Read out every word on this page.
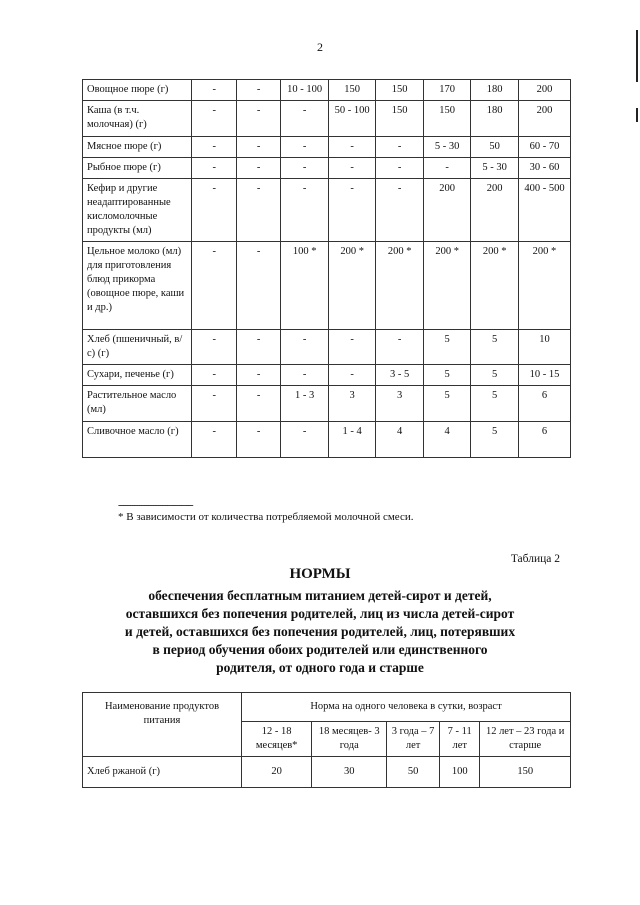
2
Овощное пюре (г)	-	-	10 - 100	150	150	170	180	200
Каша (в т.ч. молочная) (г)	-	-	-	50 - 100	150	150	180	200
Мясное пюре (г)	-	-	-	-	-	5 - 30	50	60 - 70
Рыбное пюре (г)	-	-	-	-	-	-	5 - 30	30 - 60
Кефир и другие неадаптированные кисломолочные продукты (мл)	-	-	-	-	-	200	200	400 - 500
Цельное молоко (мл) для приготовления блюд прикорма (овощное пюре, каши и др.)	-	-	100 *	200 *	200 *	200 *	200 *	200 *
Хлеб (пшеничный, в/с) (г)	-	-	-	-	-	5	5	10
Сухари, печенье (г)	-	-	-	-	3 - 5	5	5	10 - 15
Растительное масло (мл)	-	-	1 - 3	3	3	5	5	6
Сливочное масло (г)	-	-	-	1 - 4	4	4	5	6
--------------------------------
* В зависимости от количества потребляемой молочной смеси.
Таблица 2
НОРМЫ
обеспечения бесплатным питанием детей-сирот и детей,
оставшихся без попечения родителей, лиц из числа детей-сирот
и детей, оставшихся без попечения родителей, лиц, потерявших
в период обучения обоих родителей или единственного
родителя, от одного года и старше
Наименование продуктов питания	Норма на одного человека в сутки, возраст				
	12 - 18 месяцев*	18 месяцев- 3 года	3 года – 7 лет	7 - 11 лет	12 лет – 23 года и старше
Хлеб ржаной (г)	20	30	50	100	150
